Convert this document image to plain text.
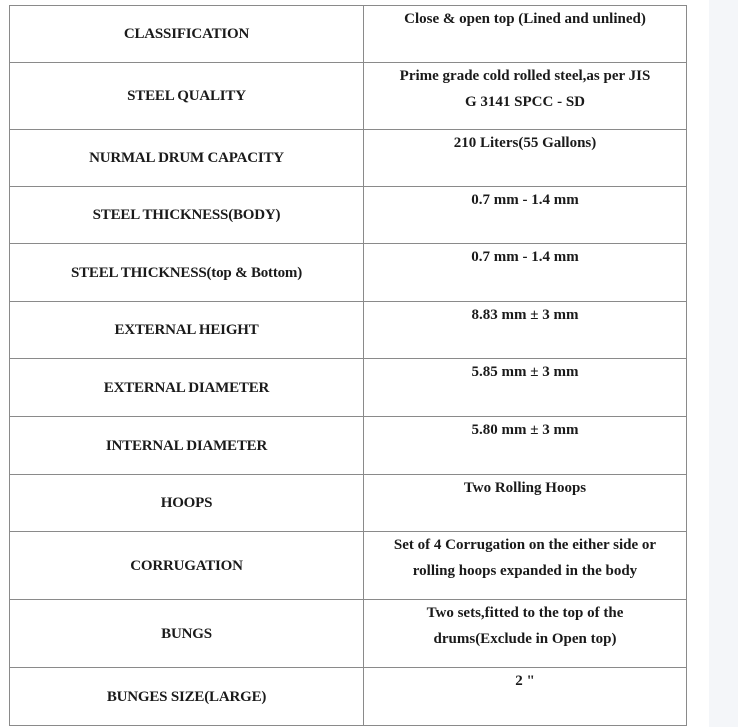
CLASSIFICATION	Close & open top (Lined and unlined)

STEEL QUALITY	Prime grade cold rolled steel,as per JIS
G 3141 SPCC - SD

NURMAL DRUM CAPACITY	210 Liters(55 Gallons)

STEEL THICKNESS(BODY)	0.7 mm - 1.4 mm

STEEL THICKNESS(top & Bottom)	0.7 mm - 1.4 mm

EXTERNAL HEIGHT	8.83 mm ± 3 mm

EXTERNAL DIAMETER	5.85 mm ± 3 mm

INTERNAL DIAMETER	5.80 mm ± 3 mm

HOOPS	Two Rolling Hoops

CORRUGATION	Set of 4 Corrugation on the either side or
rolling hoops expanded in the body

BUNGS	Two sets,fitted to the top of the
drums(Exclude in Open top)

BUNGES SIZE(LARGE)	2 "
